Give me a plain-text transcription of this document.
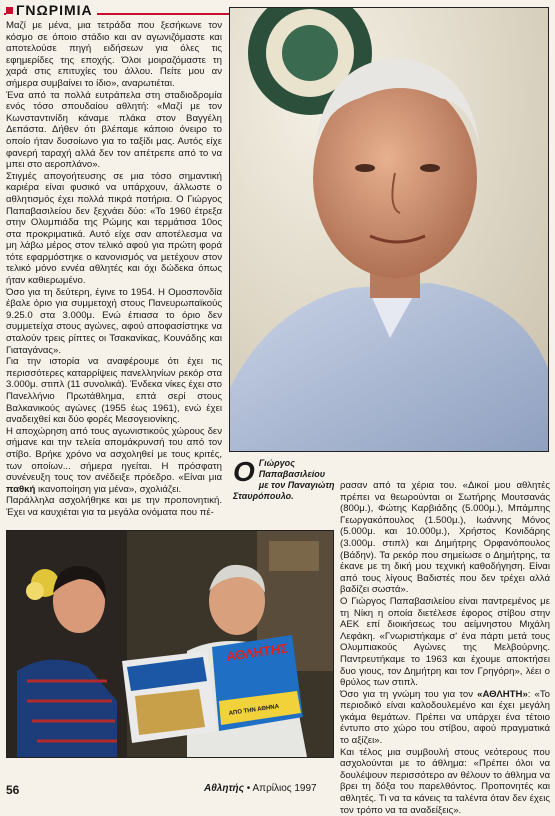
ΓΝΩΡΙΜΙΑ

Μαζί με μένα, μια τετράδα που ξεσήκωνε τον κόσμο σε όποιο στάδιο και αν αγωνιζόμαστε και αποτελούσε πηγή ειδήσεων για όλες τις εφημερίδες της εποχής. Όλοι μοιραζόμαστε τη χαρά στις επιτυχίες του άλλου. Πείτε μου αν σήμερα συμβαίνει το ίδιο», αναρωτιέται.

Ένα από τα πολλά ευτράπελα στη σταδιοδρομία ενός τόσο σπουδαίου αθλητή: «Μαζί με τον Κωνσταντινίδη κάναμε πλάκα στον Βαγγέλη Δεπάστα. Δήθεν ότι βλέπαμε κάποιο όνειρο το οποίο ήταν δυσοίωνο για το ταξίδι μας. Αυτός είχε φανερή ταραχή αλλά δεν τον απέτρεπε από το να μπει στο αεροπλάνο».

Στιγμές απογοήτευσης σε μια τόσο σημαντική καριέρα είναι φυσικό να υπάρχουν, άλλωστε ο αθλητισμός έχει πολλά πικρά ποτήρια. Ο Γιώργος Παπαβασιλείου δεν ξεχνάει δύο: «Το 1960 έτρεξα στην Ολυμπιάδα της Ρώμης και τερμάτισα 10ος στα προκριματικά. Αυτό είχε σαν αποτέλεσμα να μη λάβω μέρος στον τελικό αφού για πρώτη φορά τότε εφαρμόστηκε ο κανονισμός να μετέχουν στον τελικό μόνο εννέα αθλητές και όχι δώδεκα όπως ήταν καθιερωμένο.

Όσο για τη δεύτερη, έγινε το 1954. Η Ομοσπονδία έβαλε όριο για συμμετοχή στους Πανευρωπαϊκούς 9.25.0 στα 3.000μ. Ενώ έπιασα το όριο δεν συμμετείχα στους αγώνες, αφού αποφασίστηκε να σταλούν τρεις ρίπτες οι Τσακανίκας, Κουνάδης και Γιαταγάνας».

Για την ιστορία να αναφέρουμε ότι έχει τις περισσότερες καταρρίψεις πανελληνίων ρεκόρ στα 3.000μ. στιπλ (11 συνολικά). Ένδεκα νίκες έχει στο Πανελλήνιο Πρωτάθλημα, επτά σερί στους Βαλκανικούς αγώνες (1955 έως 1961), ενώ έχει αναδειχθεί και δύο φορές Μεσογειονίκης.

Η αποχώρηση από τους αγωνιστικούς χώρους δεν σήμανε και την τελεία απομάκρυνσή του από τον στίβο. Βρήκε χρόνο να ασχοληθεί με τους κριτές, των οποίων... σήμερα ηγείται. Η πρόσφατη συνένευξη τους τον ανέδειξε πρόεδρο. «Είναι μια παθκή ικανοποίηση για μένα», σχολιάζει.

Παράλληλα ασχολήθηκε και με την προπονητική. Έχει να καυχιέται για τα μεγάλα ονόματα που πέ-

O Γιώργος Παπαβασιλείου με τον Παναγιώτη Σταυρόπουλο.

ρασαν από τα χέρια του. «Δικοί μου αθλητές πρέπει να θεωρούνται οι Σωτήρης Μουτσανάς (800μ.), Φώτης Καρβιάδης (5.000μ.), Μπάμπης Γεωργακόπουλος (1.500μ.), Ιωάννης Μόνος (5.000μ. και 10.000μ.), Χρήστος Κονιδάρης (3.000μ. στιπλ) και Δημήτρης Ορφανόπουλος (Βάδην). Τα ρεκόρ που σημείωσε ο Δημήτρης, τα έκανε με τη δική μου τεχνική καθοδήγηση. Είναι από τους λίγους Βαδιστές που δεν τρέχει αλλά βαδίζει σωστά».

Ο Γιώργος Παπαβασιλείου είναι παντρεμένος με τη Νίκη η οποία διετέλεσε έφορος στίβου στην ΑΕΚ επί διοικήσεως του αείμνηστου Μιχάλη Λεφάκη. «Γνωριστήκαμε σ' ένα πάρτι μετά τους Ολυμπιακούς Αγώνες της Μελβούρνης. Παντρευτήκαμε το 1963 και έχουμε αποκτήσει δυο γιους, τον Δημήτρη και τον Γρηγόρη», λέει ο θρύλος των στιπλ.

Όσο για τη γνώμη του για τον «ΑΘΛΗΤΗ»: «Το περιοδικό είναι καλοδουλεμένο και έχει μεγάλη γκάμα θεμάτων. Πρέπει να υπάρχει ένα τέτοιο έντυπο στο χώρο του στίβου, αφού πραγματικά το αξίζει».

Και τέλος μια συμβουλή στους νεότερους που ασχολούνται με το άθλημα: «Πρέπει όλοι να δουλέψουν περισσότερο αν θέλουν το άθλημα να βρει τη δόξα του παρελθόντος. Προπονητές και αθλητές. Τι να τα κάνεις τα ταλέντα όταν δεν έχεις τον τρόπο να τα αναδείξεις».

ΑΘΛΗΤΗΣ
ΑΠΟ ΤΗΝ ΑΘΗΝΑ
56	Αθλητής • Απρίλιος 1997
